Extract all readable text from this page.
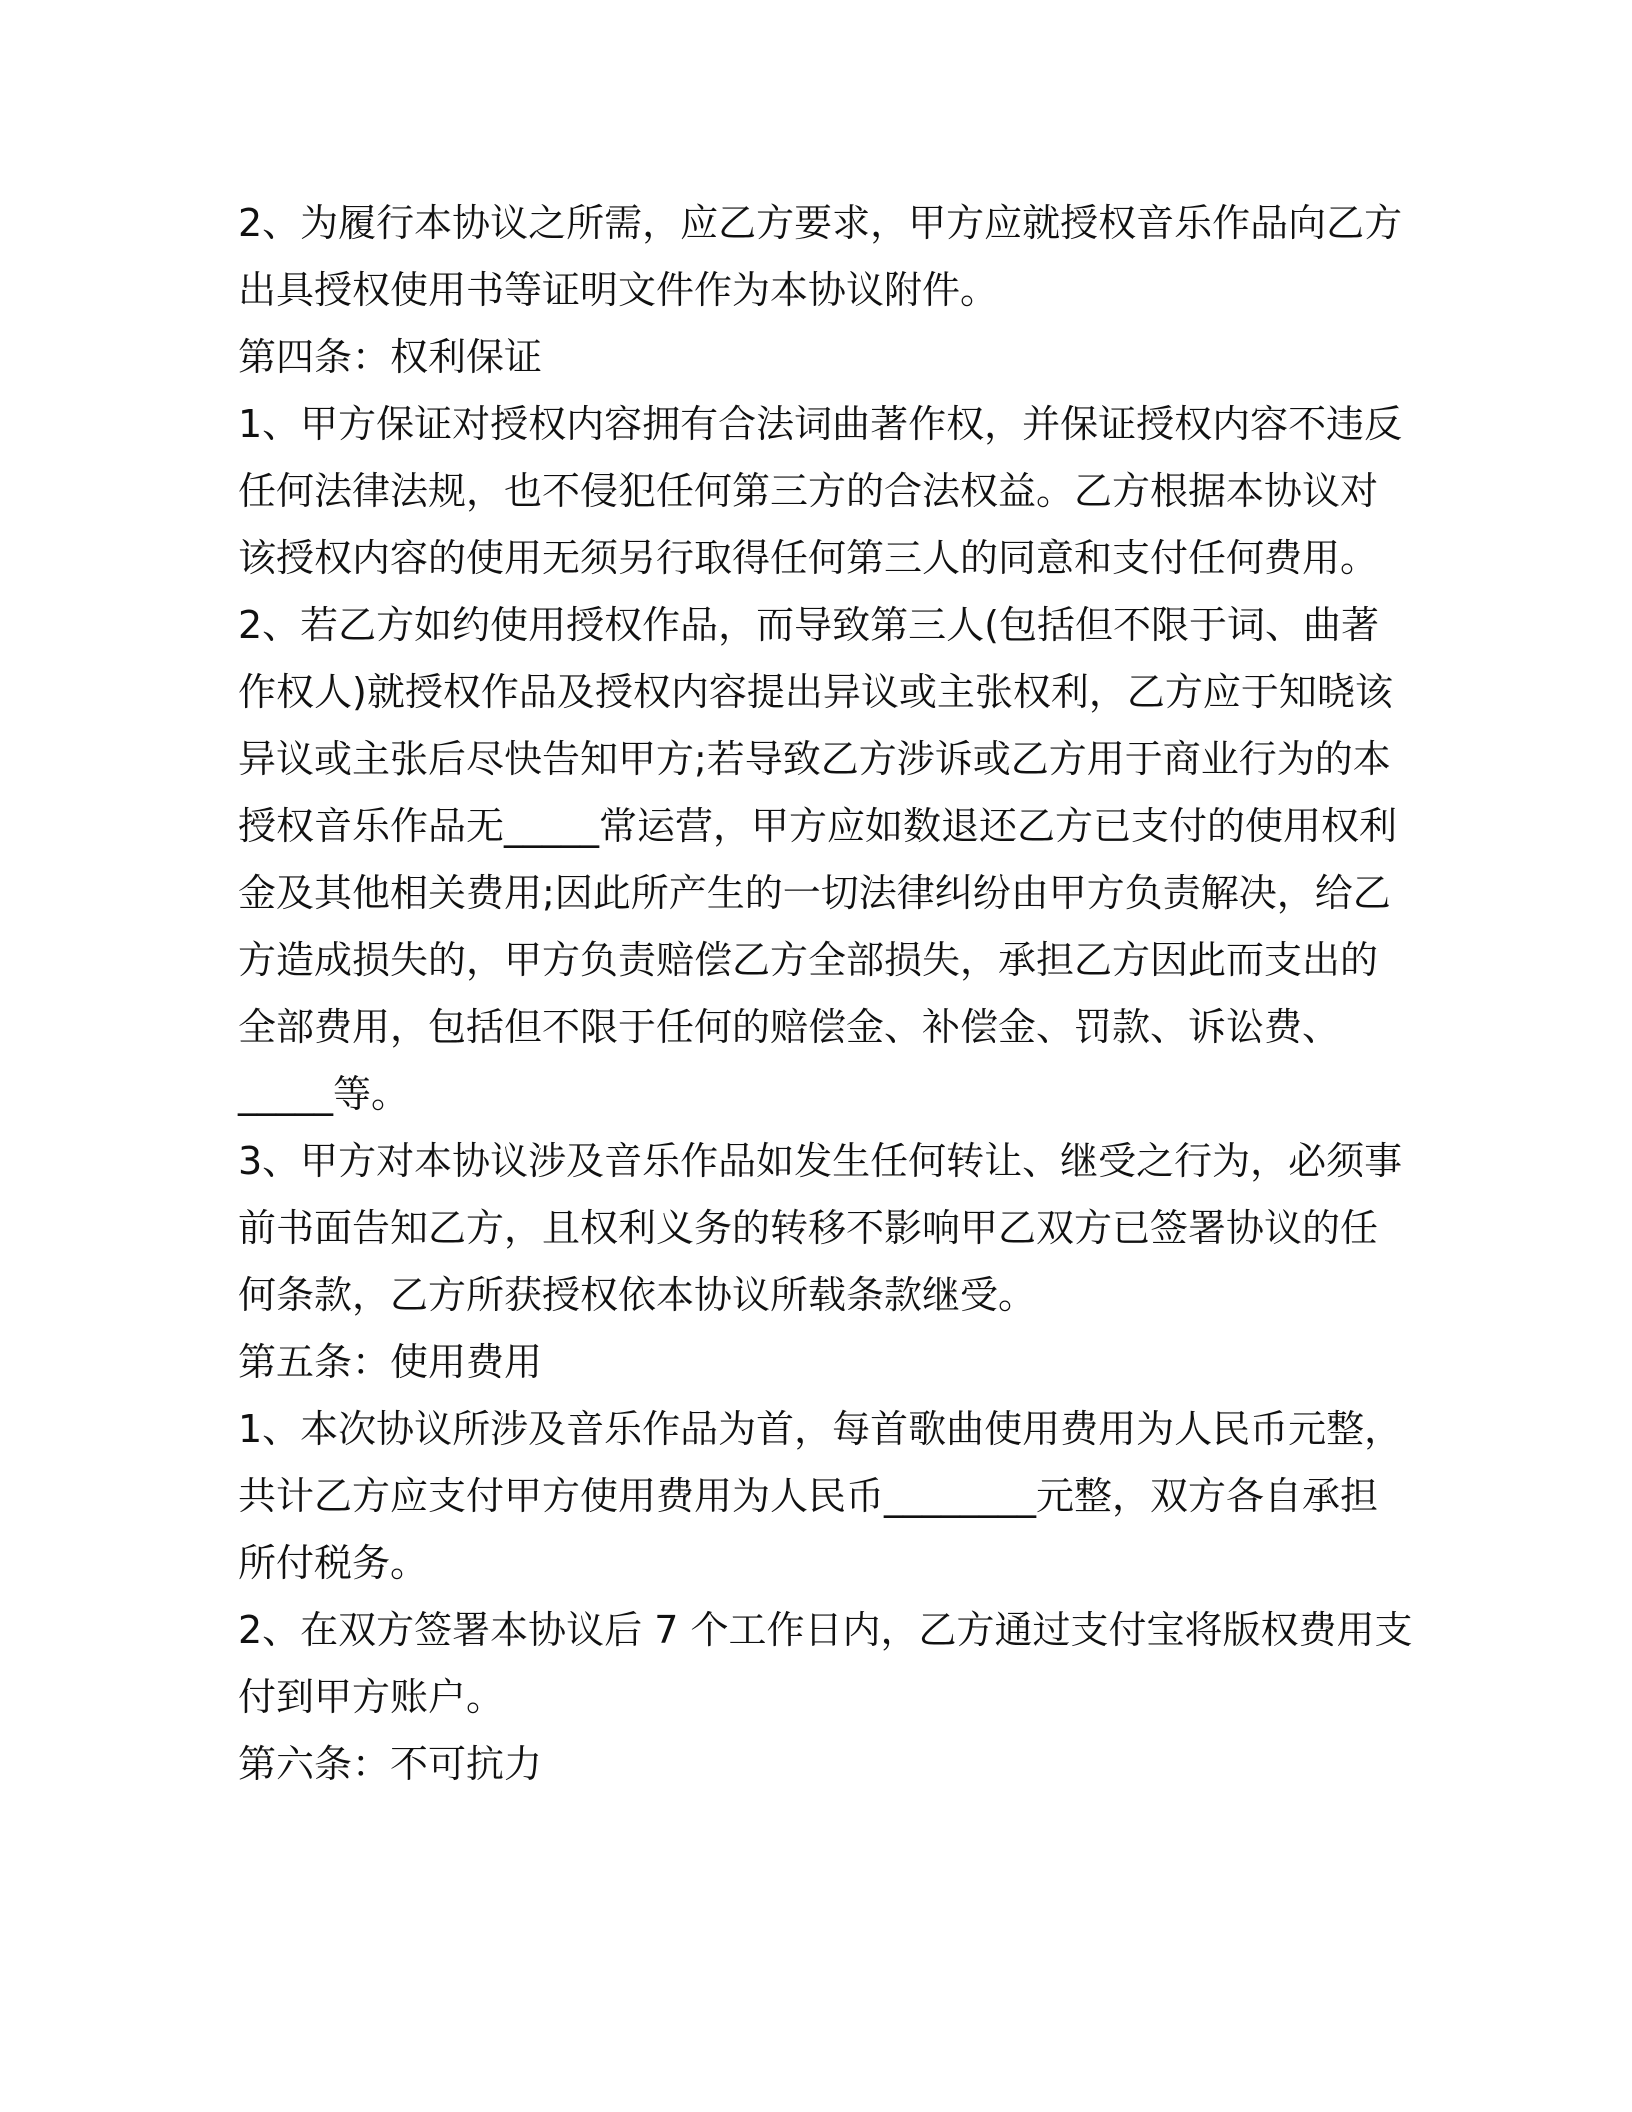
2、为履行本协议之所需，应乙方要求，甲方应就授权音乐作品向乙方
出具授权使用书等证明文件作为本协议附件。
第四条：权利保证
1、甲方保证对授权内容拥有合法词曲著作权，并保证授权内容不违反
任何法律法规，也不侵犯任何第三方的合法权益。乙方根据本协议对
该授权内容的使用无须另行取得任何第三人的同意和支付任何费用。
2、若乙方如约使用授权作品，而导致第三人(包括但不限于词、曲著
作权人)就授权作品及授权内容提出异议或主张权利，乙方应于知晓该
异议或主张后尽快告知甲方;若导致乙方涉诉或乙方用于商业行为的本
授权音乐作品无_____常运营，甲方应如数退还乙方已支付的使用权利
金及其他相关费用;因此所产生的一切法律纠纷由甲方负责解决，给乙
方造成损失的，甲方负责赔偿乙方全部损失，承担乙方因此而支出的
全部费用，包括但不限于任何的赔偿金、补偿金、罚款、诉讼费、
_____等。
3、甲方对本协议涉及音乐作品如发生任何转让、继受之行为，必须事
前书面告知乙方，且权利义务的转移不影响甲乙双方已签署协议的任
何条款，乙方所获授权依本协议所载条款继受。
第五条：使用费用
1、本次协议所涉及音乐作品为首，每首歌曲使用费用为人民币元整，
共计乙方应支付甲方使用费用为人民币________元整，双方各自承担
所付税务。
2、在双方签署本协议后 7 个工作日内，乙方通过支付宝将版权费用支
付到甲方账户。
第六条：不可抗力
